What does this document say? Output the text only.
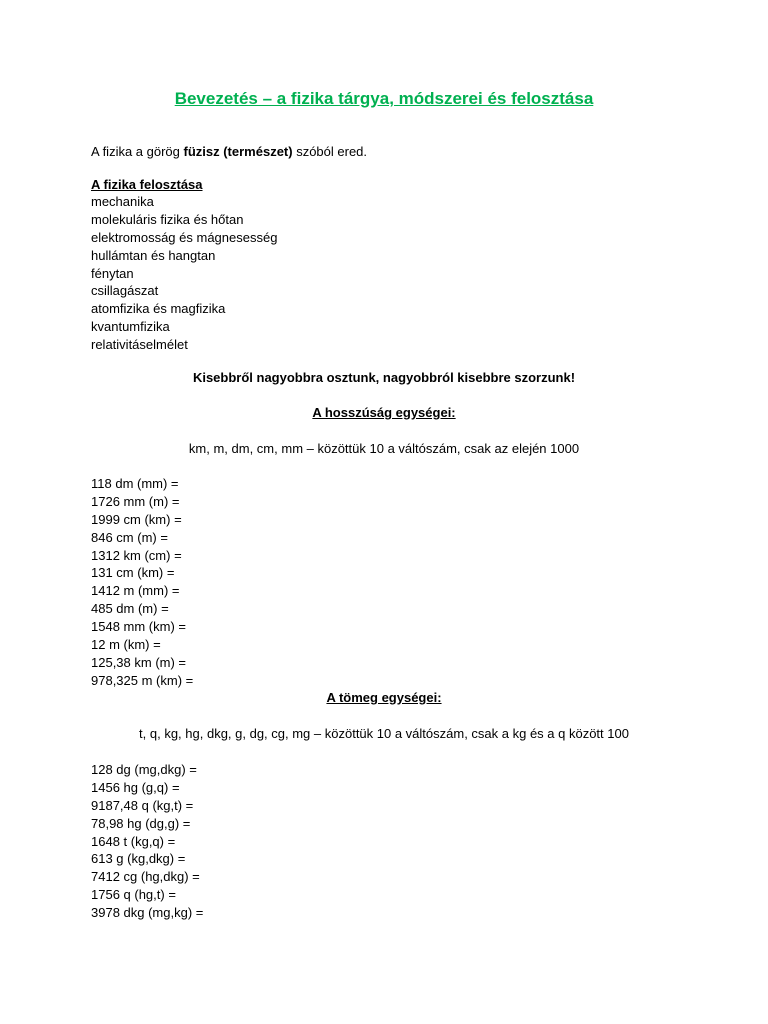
Bevezetés – a fizika tárgya, módszerei és felosztása
A fizika a görög füzisz (természet) szóból ered.
A fizika felosztása
mechanika
molekuláris fizika és hőtan
elektromosság és mágnesesség
hullámtan és hangtan
fénytan
csillagászat
atomfizika és magfizika
kvantumfizika
relativitáselmélet
Kisebbről nagyobbra osztunk, nagyobbról kisebbre szorzunk!
A hosszúság egységei:
km, m, dm, cm, mm – közöttük 10 a váltószám, csak az elején 1000
118 dm (mm) =
1726 mm (m) =
1999 cm (km) =
846 cm (m) =
1312 km (cm) =
131 cm (km) =
1412 m (mm) =
485 dm (m) =
1548 mm (km) =
12 m (km) =
125,38 km (m) =
978,325 m (km) =
A tömeg egységei:
t, q, kg, hg, dkg, g, dg, cg, mg – közöttük 10 a váltószám, csak a kg és a q között 100
128 dg (mg,dkg) =
1456 hg (g,q) =
9187,48 q (kg,t) =
78,98 hg (dg,g) =
1648 t (kg,q) =
613 g (kg,dkg) =
7412 cg (hg,dkg) =
1756 q (hg,t) =
3978 dkg (mg,kg) =
